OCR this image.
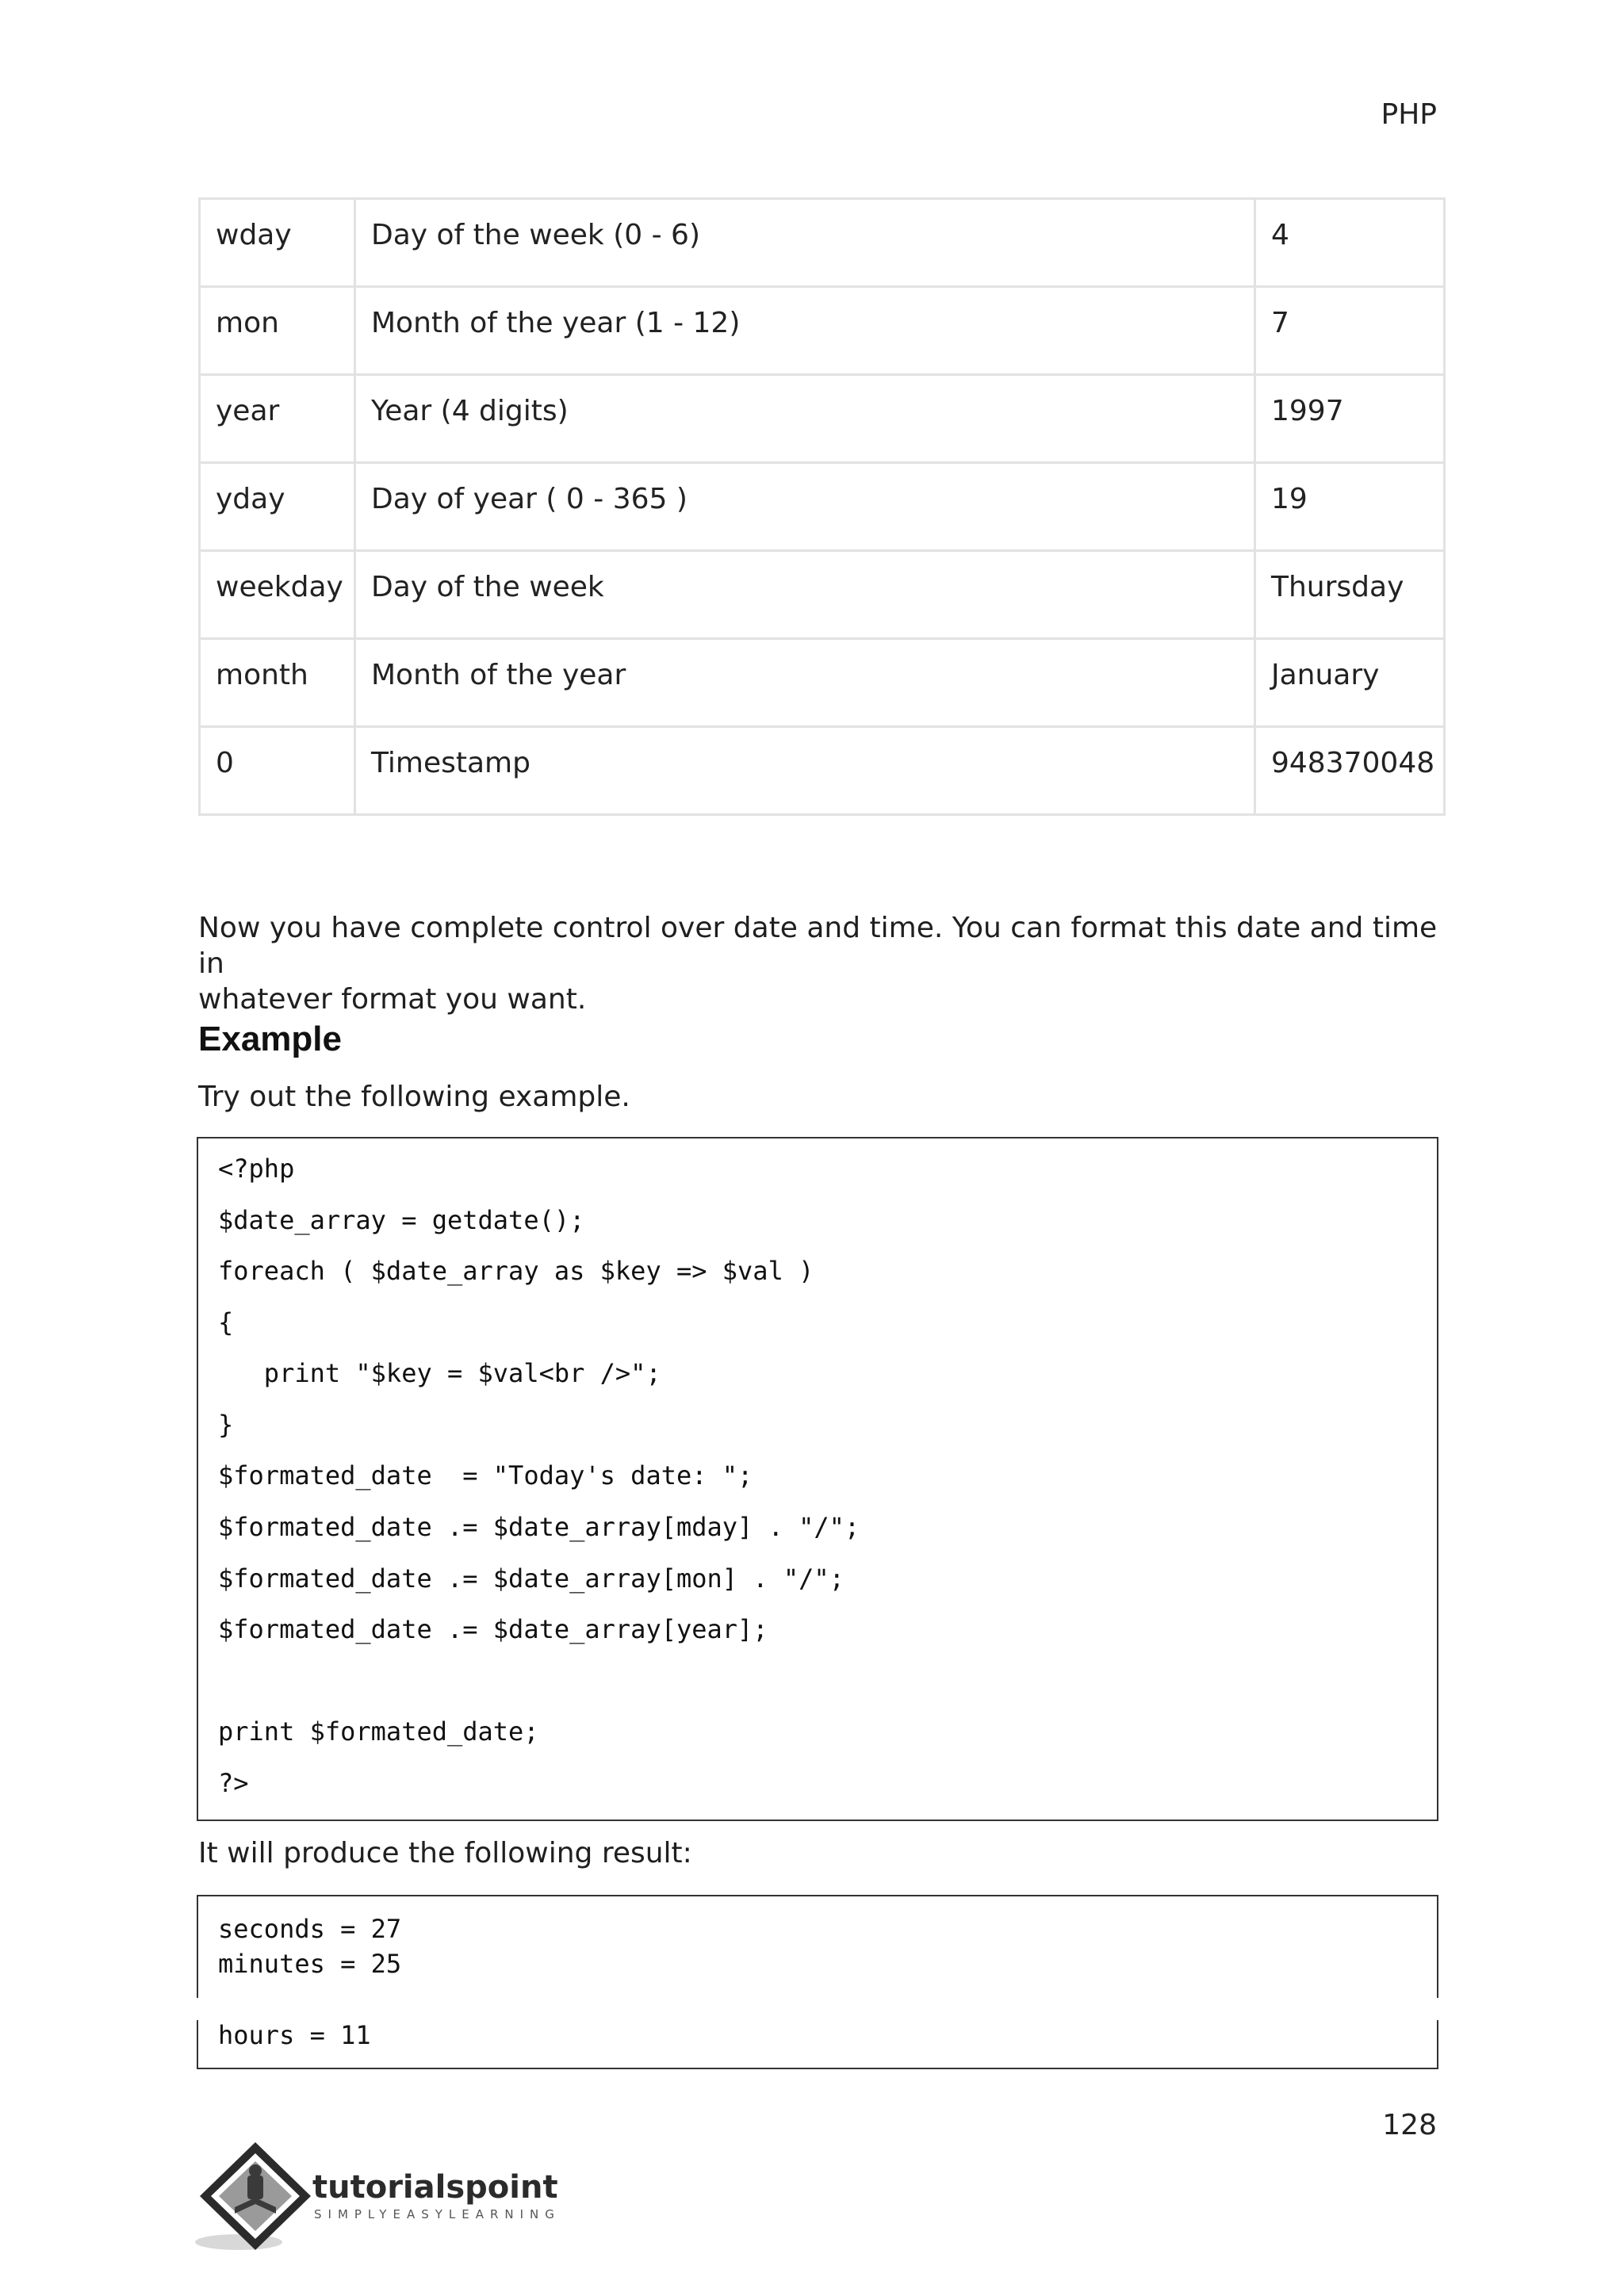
PHP
wday	Day of the week (0 - 6)	4
mon	Month of the year (1 - 12)	7
year	Year (4 digits)	1997
yday	Day of year ( 0 - 365 )	19
weekday	Day of the week	Thursday
month	Month of the year	January
0	Timestamp	948370048
Now you have complete control over date and time. You can format this date and time in
whatever format you want.
Example
Try out the following example.
<?php
$date_array = getdate();
foreach ( $date_array as $key => $val )
{
print "$key = $val<br />";
}
$formated_date  = "Today's date: ";
$formated_date .= $date_array[mday] . "/";
$formated_date .= $date_array[mon] . "/";
$formated_date .= $date_array[year];
print $formated_date;
?>
It will produce the following result:
seconds = 27
minutes = 25
hours = 11
128
tutorialspoint
SIMPLYEASYLEARNING
